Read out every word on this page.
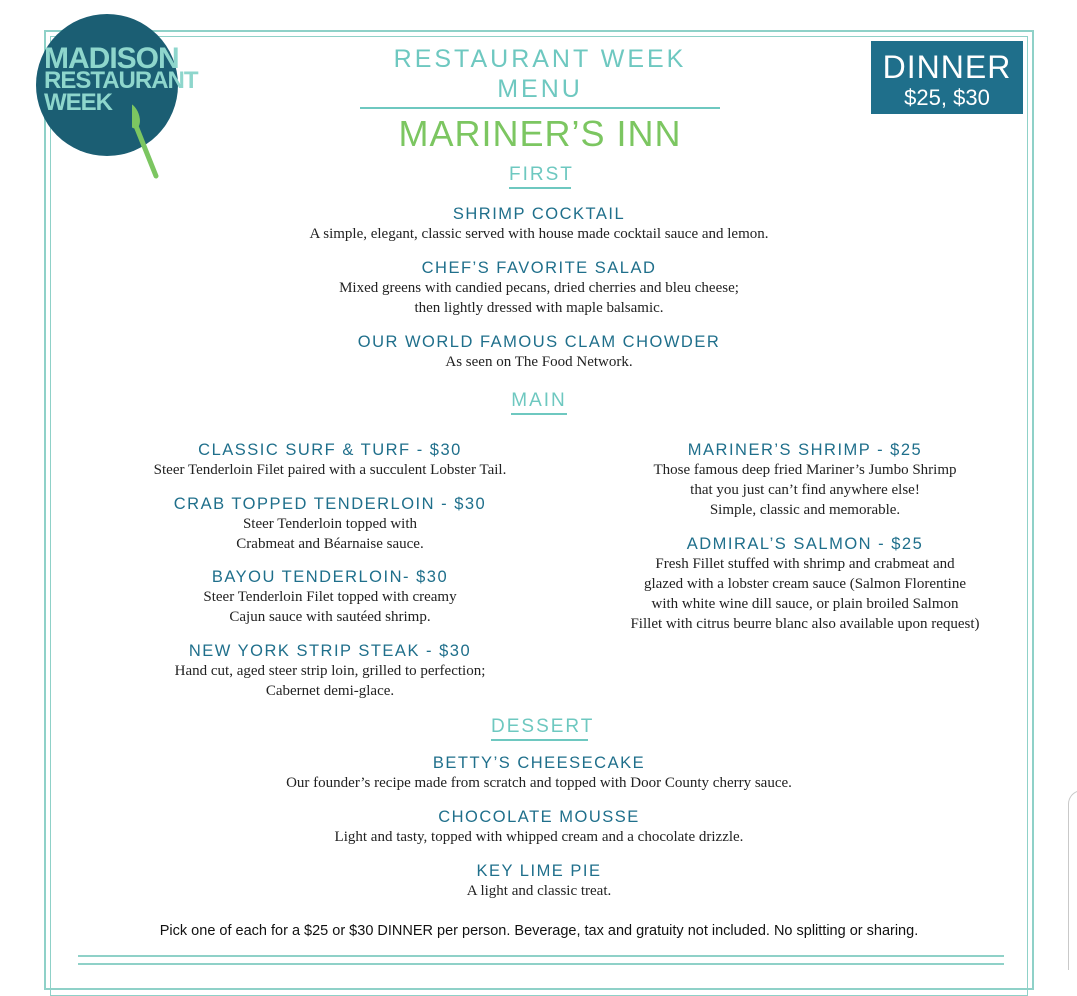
MADISON
RESTAURANT
WEEK
DINNER
$25, $30
RESTAURANT WEEK MENU
MARINER’S INN
FIRST
SHRIMP COCKTAIL
A simple, elegant, classic served with house made cocktail sauce and lemon.
CHEF’S FAVORITE SALAD
Mixed greens with candied pecans, dried cherries and bleu cheese;
then lightly dressed with maple balsamic.
OUR WORLD FAMOUS CLAM CHOWDER
As seen on The Food Network.
MAIN
CLASSIC SURF & TURF - $30
Steer Tenderloin Filet paired with a succulent Lobster Tail.
CRAB TOPPED TENDERLOIN - $30
Steer Tenderloin topped with
Crabmeat and Béarnaise sauce.
BAYOU TENDERLOIN- $30
Steer Tenderloin Filet topped with creamy
Cajun sauce with sautéed shrimp.
NEW YORK STRIP STEAK - $30
Hand cut, aged steer strip loin, grilled to perfection;
Cabernet demi-glace.
MARINER’S SHRIMP - $25
Those famous deep fried Mariner’s Jumbo Shrimp
that you just can’t find anywhere else!
Simple, classic and memorable.
ADMIRAL’S SALMON - $25
Fresh Fillet stuffed with shrimp and crabmeat and
glazed with a lobster cream sauce (Salmon Florentine
with white wine dill sauce, or plain broiled Salmon
Fillet with citrus beurre blanc also available upon request)
DESSERT
BETTY’S CHEESECAKE
Our founder’s recipe made from scratch and topped with Door County cherry sauce.
CHOCOLATE MOUSSE
Light and tasty, topped with whipped cream and a chocolate drizzle.
KEY LIME PIE
A light and classic treat.
Pick one of each for a $25 or $30 DINNER per person. Beverage, tax and gratuity not included. No splitting or sharing.
